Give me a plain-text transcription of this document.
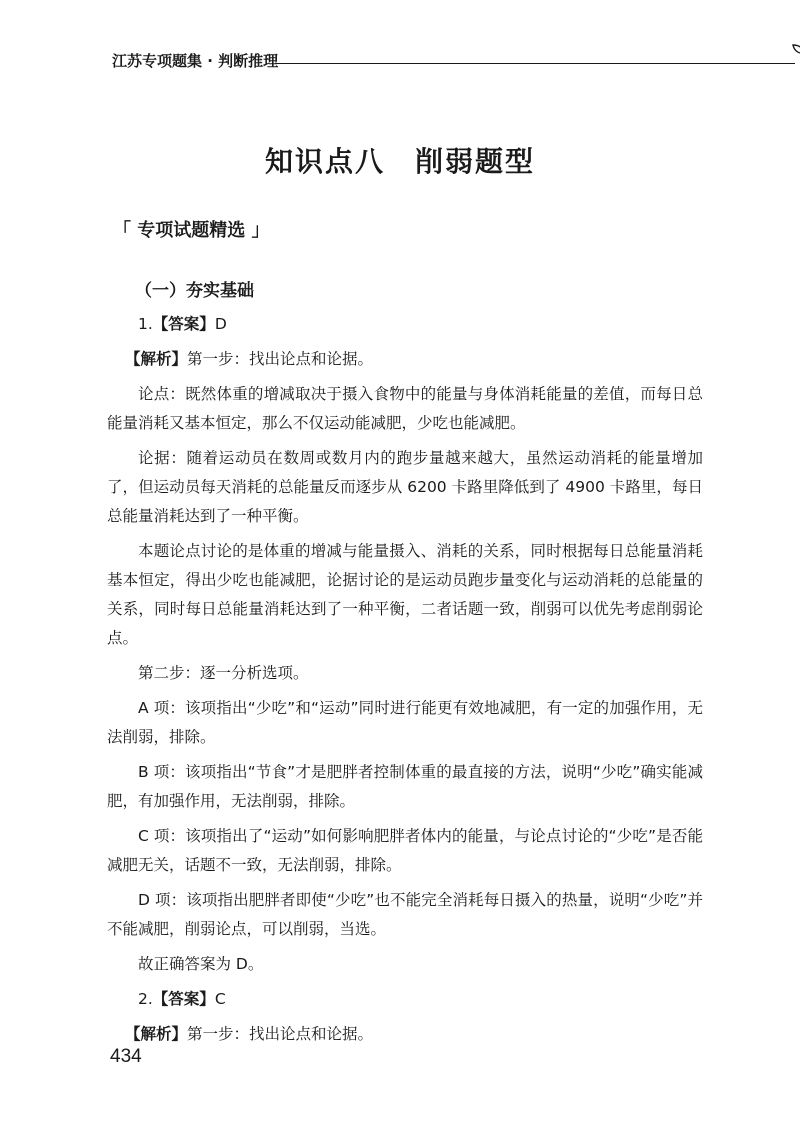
江苏专项题集 · 判断推理
知识点八　削弱题型
「 专项试题精选 」
（一）夯实基础

1.【答案】D

【解析】第一步：找出论点和论据。

论点：既然体重的增减取决于摄入食物中的能量与身体消耗能量的差值，而每日总能量消耗又基本恒定，那么不仅运动能减肥，少吃也能减肥。

论据：随着运动员在数周或数月内的跑步量越来越大，虽然运动消耗的能量增加了，但运动员每天消耗的总能量反而逐步从 6200 卡路里降低到了 4900 卡路里，每日总能量消耗达到了一种平衡。

本题论点讨论的是体重的增减与能量摄入、消耗的关系，同时根据每日总能量消耗基本恒定，得出少吃也能减肥，论据讨论的是运动员跑步量变化与运动消耗的总能量的关系，同时每日总能量消耗达到了一种平衡，二者话题一致，削弱可以优先考虑削弱论点。

第二步：逐一分析选项。

A 项：该项指出“少吃”和“运动”同时进行能更有效地减肥，有一定的加强作用，无法削弱，排除。

B 项：该项指出“节食”才是肥胖者控制体重的最直接的方法，说明“少吃”确实能减肥，有加强作用，无法削弱，排除。

C 项：该项指出了“运动”如何影响肥胖者体内的能量，与论点讨论的“少吃”是否能减肥无关，话题不一致，无法削弱，排除。

D 项：该项指出肥胖者即使“少吃”也不能完全消耗每日摄入的热量，说明“少吃”并不能减肥，削弱论点，可以削弱，当选。

故正确答案为 D。

2.【答案】C

【解析】第一步：找出论点和论据。

434
